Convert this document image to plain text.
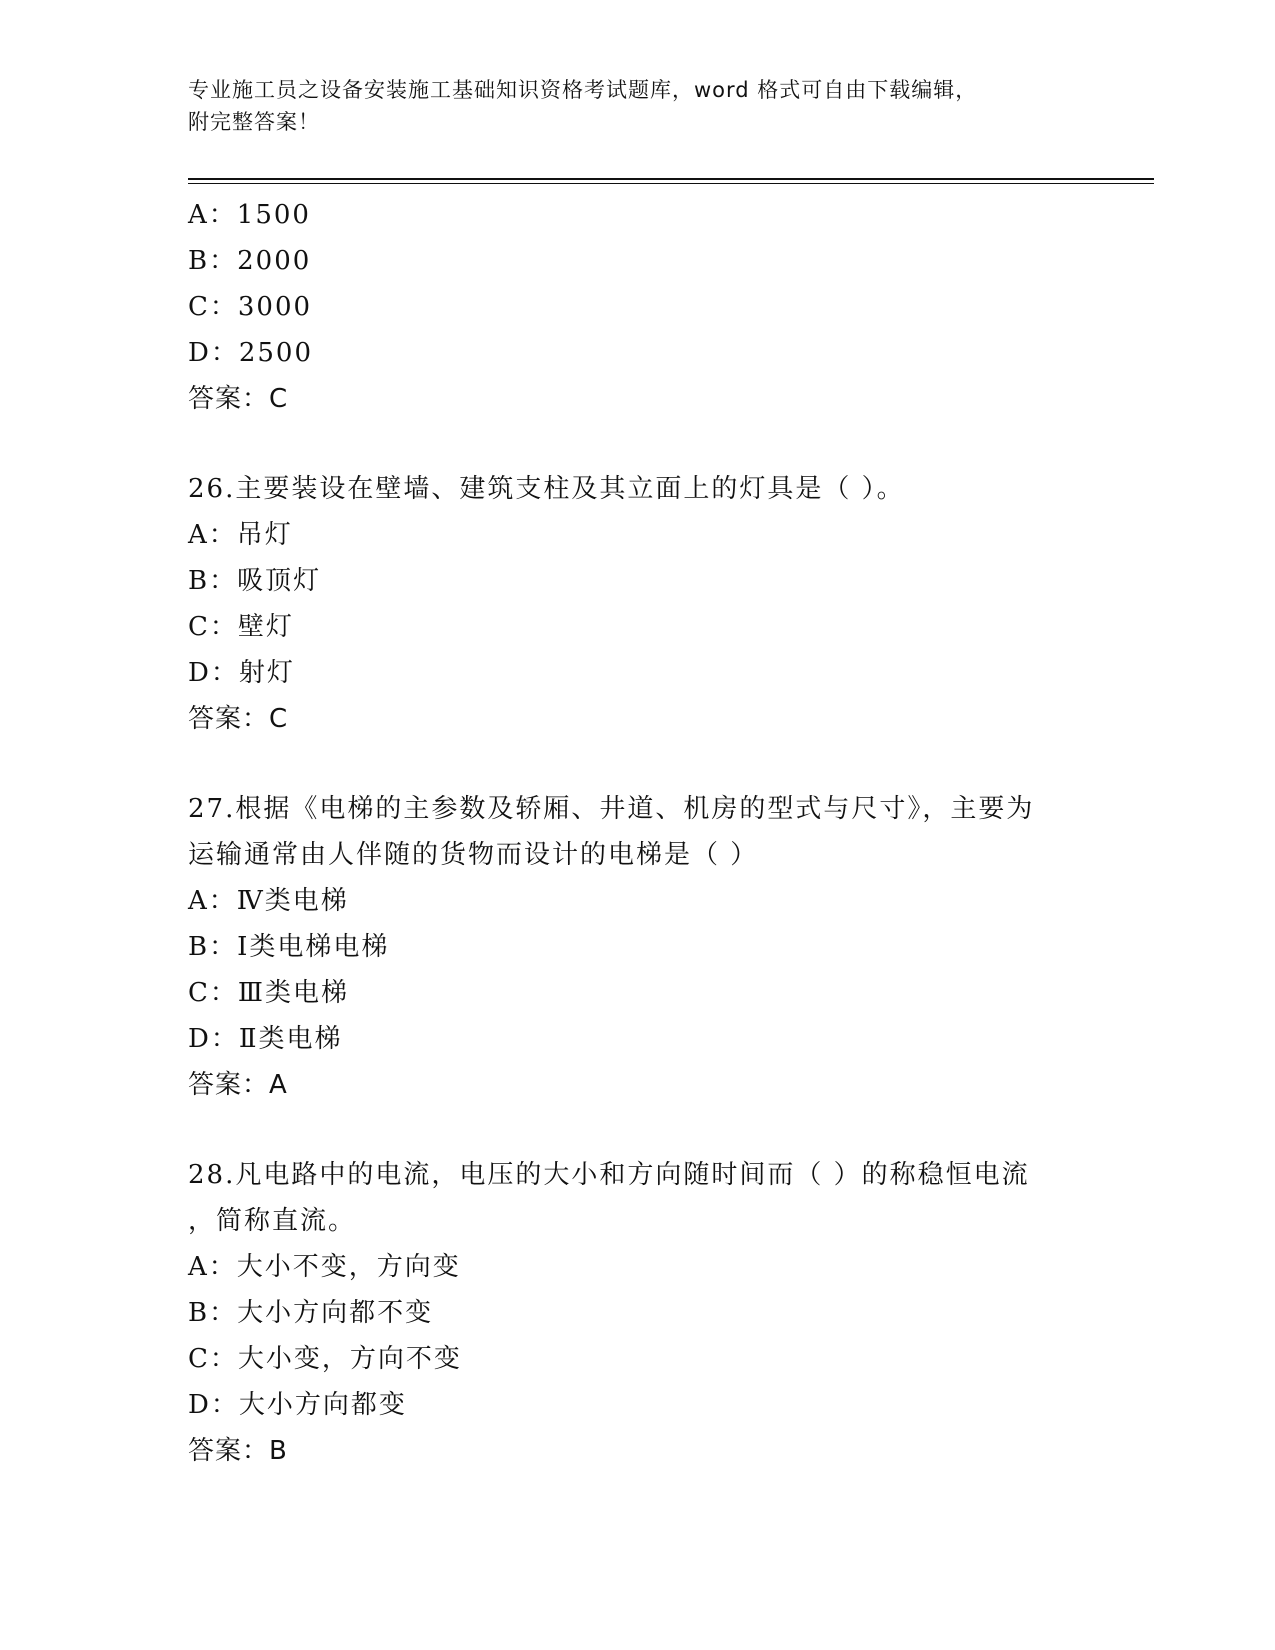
专业施工员之设备安装施工基础知识资格考试题库，word 格式可自由下载编辑，
附完整答案！
A：1500
B：2000
C：3000
D：2500
答案：C
26.主要装设在壁墙、建筑支柱及其立面上的灯具是（ ）。
A：吊灯
B：吸顶灯
C：壁灯
D：射灯
答案：C
27.根据《电梯的主参数及轿厢、井道、机房的型式与尺寸》，主要为
运输通常由人伴随的货物而设计的电梯是（ ）
A：Ⅳ类电梯
B：Ⅰ类电梯电梯
C：Ⅲ类电梯
D：Ⅱ类电梯
答案：A
28.凡电路中的电流，电压的大小和方向随时间而（ ）的称稳恒电流
，简称直流。
A：大小不变，方向变
B：大小方向都不变
C：大小变，方向不变
D：大小方向都变
答案：B
